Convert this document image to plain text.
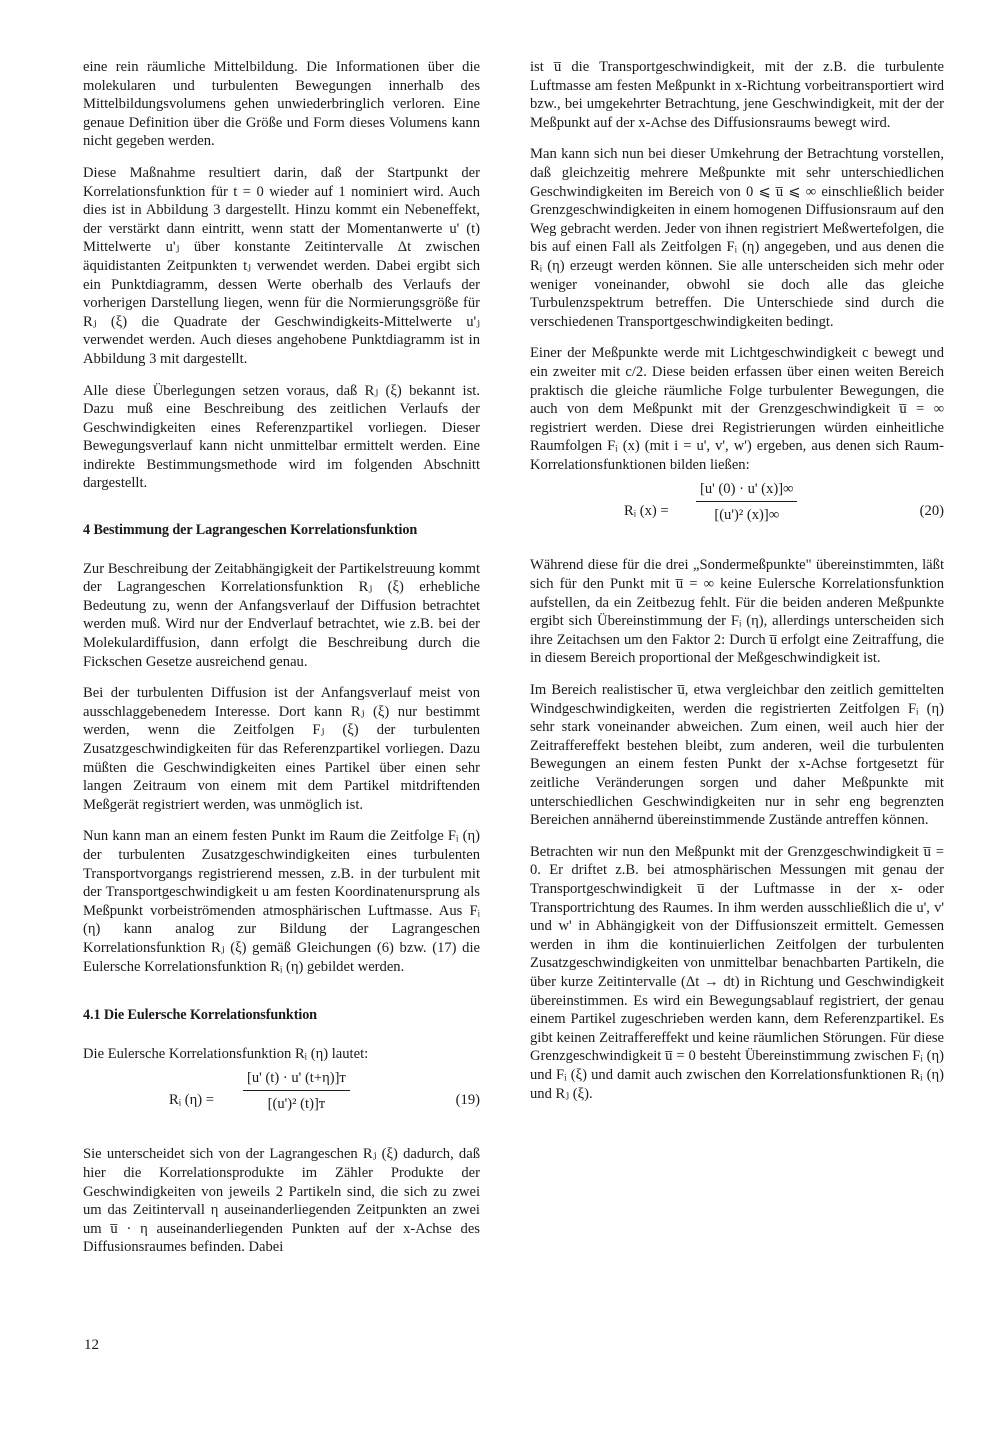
eine rein räumliche Mittelbildung. Die Informationen über die molekularen und turbulenten Bewegungen innerhalb des Mittelbildungsvolumens gehen unwiederbringlich verloren. Eine genaue Definition über die Größe und Form dieses Volumens kann nicht gegeben werden.

Diese Maßnahme resultiert darin, daß der Startpunkt der Korrelationsfunktion für t = 0 wieder auf 1 nominiert wird. Auch dies ist in Abbildung 3 dargestellt. Hinzu kommt ein Nebeneffekt, der verstärkt dann eintritt, wenn statt der Momentanwerte u' (t) Mittelwerte u'ⱼ über konstante Zeitintervalle Δt zwischen äquidistanten Zeitpunkten tⱼ verwendet werden. Dabei ergibt sich ein Punktdiagramm, dessen Werte oberhalb des Verlaufs der vorherigen Darstellung liegen, wenn für die Normierungsgröße für Rⱼ (ξ) die Quadrate der Geschwindigkeits-Mittelwerte u'ⱼ verwendet werden. Auch dieses angehobene Punktdiagramm ist in Abbildung 3 mit dargestellt.

Alle diese Überlegungen setzen voraus, daß Rⱼ (ξ) bekannt ist. Dazu muß eine Beschreibung des zeitlichen Verlaufs der Geschwindigkeiten eines Referenzpartikel vorliegen. Dieser Bewegungsverlauf kann nicht unmittelbar ermittelt werden. Eine indirekte Bestimmungsmethode wird im folgenden Abschnitt dargestellt.

4 Bestimmung der Lagrangeschen Korrelationsfunktion

Zur Beschreibung der Zeitabhängigkeit der Partikelstreuung kommt der Lagrangeschen Korrelationsfunktion Rⱼ (ξ) erhebliche Bedeutung zu, wenn der Anfangsverlauf der Diffusion betrachtet werden muß. Wird nur der Endverlauf betrachtet, wie z.B. bei der Molekulardiffusion, dann erfolgt die Beschreibung durch die Fickschen Gesetze ausreichend genau.

Bei der turbulenten Diffusion ist der Anfangsverlauf meist von ausschlaggebenedem Interesse. Dort kann Rⱼ (ξ) nur bestimmt werden, wenn die Zeitfolgen Fⱼ (ξ) der turbulenten Zusatzgeschwindigkeiten für das Referenzpartikel vorliegen. Dazu müßten die Geschwindigkeiten eines Partikel über einen sehr langen Zeitraum von einem mit dem Partikel mitdriftenden Meßgerät registriert werden, was unmöglich ist.

Nun kann man an einem festen Punkt im Raum die Zeitfolge Fᵢ (η) der turbulenten Zusatzgeschwindigkeiten eines turbulenten Transportvorgangs registrierend messen, z.B. in der turbulent mit der Transportgeschwindigkeit u am festen Koordinatenursprung als Meßpunkt vorbeiströmenden atmosphärischen Luftmasse. Aus Fᵢ (η) kann analog zur Bildung der Lagrangeschen Korrelationsfunktion Rⱼ (ξ) gemäß Gleichungen (6) bzw. (17) die Eulersche Korrelationsfunktion Rᵢ (η) gebildet werden.

4.1 Die Eulersche Korrelationsfunktion

Die Eulersche Korrelationsfunktion Rᵢ (η) lautet:

Rᵢ $(\eta) = \frac{\text{[u' (t) · u' (t+η)]ᴛ}}{\text{[(u')² (t)]ᴛ}}$	(19)

Sie unterscheidet sich von der Lagrangeschen Rⱼ (ξ) dadurch, daß hier die Korrelationsprodukte im Zähler Produkte der Geschwindigkeiten von jeweils 2 Partikeln sind, die sich zu zwei um das Zeitintervall η auseinanderliegenden Zeitpunkten an zwei um u̅ · η auseinanderliegenden Punkten auf der x-Achse des Diffusionsraumes befinden. Dabei

ist u̅ die Transportgeschwindigkeit, mit der z.B. die turbulente Luftmasse am festen Meßpunkt in x-Richtung vorbeitransportiert wird bzw., bei umgekehrter Betrachtung, jene Geschwindigkeit, mit der der Meßpunkt auf der x-Achse des Diffusionsraums bewegt wird.

Man kann sich nun bei dieser Umkehrung der Betrachtung vorstellen, daß gleichzeitig mehrere Meßpunkte mit sehr unterschiedlichen Geschwindigkeiten im Bereich von 0 ⩽ u̅ ⩽ ∞ einschließlich beider Grenzgeschwindigkeiten in einem homogenen Diffusionsraum auf den Weg gebracht werden. Jeder von ihnen registriert Meßwertefolgen, die bis auf einen Fall als Zeitfolgen Fᵢ (η) angegeben, und aus denen die Rᵢ (η) erzeugt werden können. Sie alle unterscheiden sich mehr oder weniger voneinander, obwohl sie doch alle das gleiche Turbulenzspektrum betreffen. Die Unterschiede sind durch die verschiedenen Transportgeschwindigkeiten bedingt.

Einer der Meßpunkte werde mit Lichtgeschwindigkeit c bewegt und ein zweiter mit c/2. Diese beiden erfassen über einen weiten Bereich praktisch die gleiche räumliche Folge turbulenter Bewegungen, die auch von dem Meßpunkt mit der Grenzgeschwindigkeit u̅ = ∞ registriert werden. Diese drei Registrierungen würden einheitliche Raumfolgen Fᵢ (x) (mit i = u', v', w') ergeben, aus denen sich Raum-Korrelationsfunktionen bilden ließen:

Rᵢ $(x) = \frac{[u' (0) \cdot u' (x)]\infty}{\text{[(u')² (x)]∞}}$	(20)

Während diese für die drei „Sondermeßpunkte" übereinstimmten, läßt sich für den Punkt mit u̅ = ∞ keine Eulersche Korrelationsfunktion aufstellen, da ein Zeitbezug fehlt. Für die beiden anderen Meßpunkte ergibt sich Übereinstimmung der Fᵢ (η), allerdings unterscheiden sich ihre Zeitachsen um den Faktor 2: Durch u̅ erfolgt eine Zeitraffung, die in diesem Bereich proportional der Meßgeschwindigkeit ist.

Im Bereich realistischer u̅, etwa vergleichbar den zeitlich gemittelten Windgeschwindigkeiten, werden die registrierten Zeitfolgen Fᵢ (η) sehr stark voneinander abweichen. Zum einen, weil auch hier der Zeitraffereffekt bestehen bleibt, zum anderen, weil die turbulenten Bewegungen an einem festen Punkt der x-Achse fortgesetzt für zeitliche Veränderungen sorgen und daher Meßpunkte mit unterschiedlichen Geschwindigkeiten nur in sehr eng begrenzten Bereichen annähernd übereinstimmende Zustände antreffen können.

Betrachten wir nun den Meßpunkt mit der Grenzgeschwindigkeit u̅ = 0. Er driftet z.B. bei atmosphärischen Messungen mit genau der Transportgeschwindigkeit u̅ der Luftmasse in der x- oder Transportrichtung des Raumes. In ihm werden ausschließlich die u', v' und w' in Abhängigkeit von der Diffusionszeit ermittelt. Gemessen werden in ihm die kontinuierlichen Zeitfolgen der turbulenten Zusatzgeschwindigkeiten von unmittelbar benachbarten Partikeln, die über kurze Zeitintervalle (Δt → dt) in Richtung und Geschwindigkeit übereinstimmen. Es wird ein Bewegungsablauf registriert, der genau einem Partikel zugeschrieben werden kann, dem Referenzpartikel. Es gibt keinen Zeitraffereffekt und keine räumlichen Störungen. Für diese Grenzgeschwindigkeit u̅ = 0 besteht Übereinstimmung zwischen Fᵢ (η) und Fᵢ (ξ) und damit auch zwischen den Korrelationsfunktionen Rᵢ (η) und Rⱼ (ξ).

12
